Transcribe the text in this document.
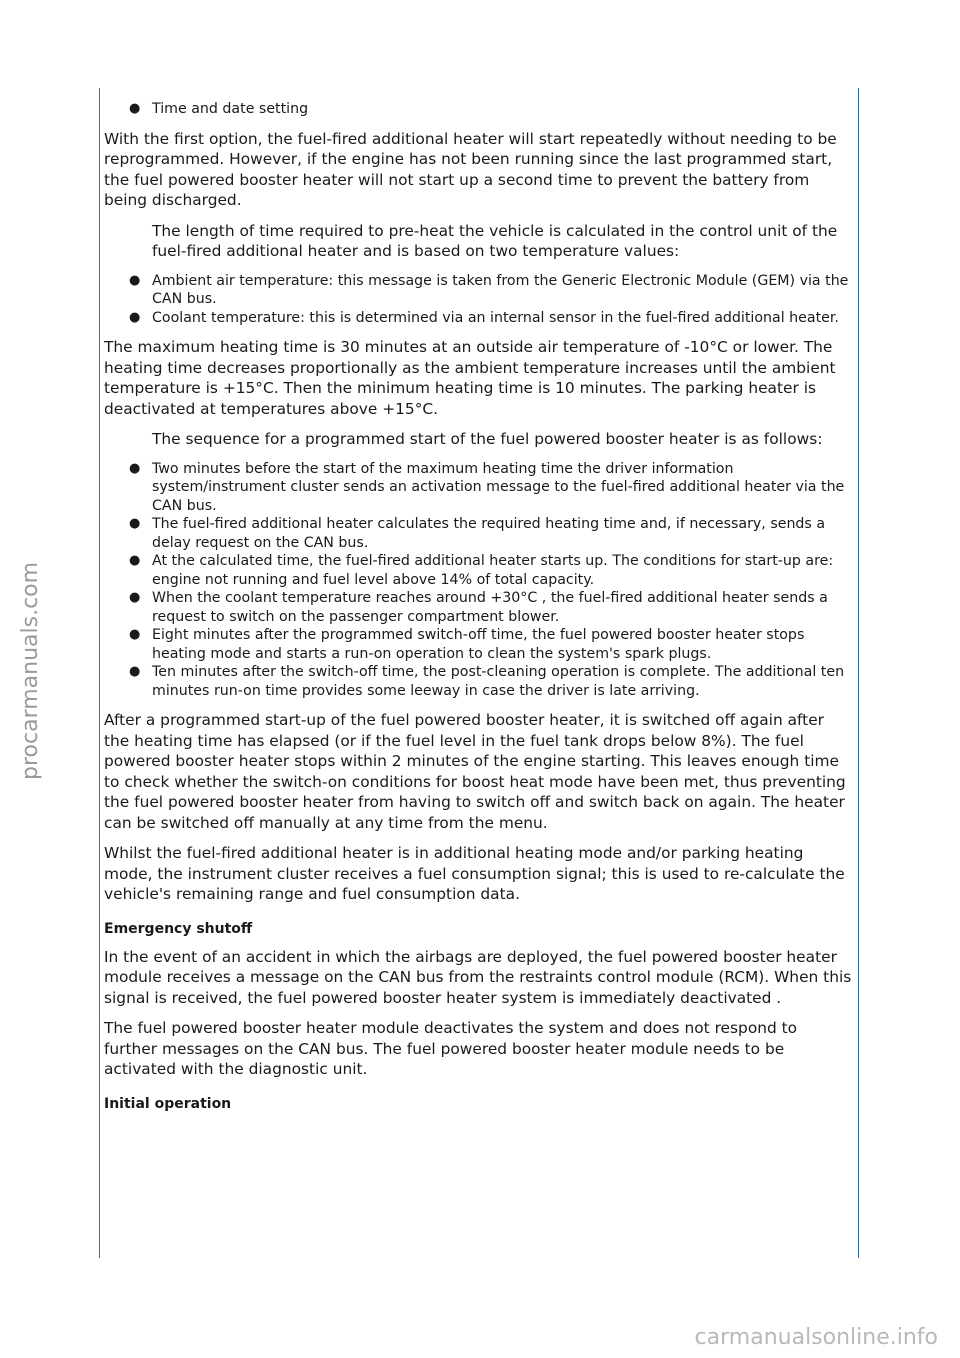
procarmanuals.com
carmanualsonline.info
● Time and date setting

With the first option, the fuel-fired additional heater will start repeatedly without needing to be reprogrammed. However, if the engine has not been running since the last programmed start, the fuel powered booster heater will not start up a second time to prevent the battery from being discharged.

The length of time required to pre-heat the vehicle is calculated in the control unit of the fuel-fired additional heater and is based on two temperature values:

● Ambient air temperature: this message is taken from the Generic Electronic Module (GEM) via the CAN bus.
● Coolant temperature: this is determined via an internal sensor in the fuel-fired additional heater.

The maximum heating time is 30 minutes at an outside air temperature of -10°C or lower. The heating time decreases proportionally as the ambient temperature increases until the ambient temperature is +15°C. Then the minimum heating time is 10 minutes. The parking heater is deactivated at temperatures above +15°C.

The sequence for a programmed start of the fuel powered booster heater is as follows:

● Two minutes before the start of the maximum heating time the driver information system/instrument cluster sends an activation message to the fuel-fired additional heater via the CAN bus.
● The fuel-fired additional heater calculates the required heating time and, if necessary, sends a delay request on the CAN bus.
● At the calculated time, the fuel-fired additional heater starts up. The conditions for start-up are: engine not running and fuel level above 14% of total capacity.
● When the coolant temperature reaches around +30°C , the fuel-fired additional heater sends a request to switch on the passenger compartment blower.
● Eight minutes after the programmed switch-off time, the fuel powered booster heater stops heating mode and starts a run-on operation to clean the system's spark plugs.
● Ten minutes after the switch-off time, the post-cleaning operation is complete. The additional ten minutes run-on time provides some leeway in case the driver is late arriving.

After a programmed start-up of the fuel powered booster heater, it is switched off again after the heating time has elapsed (or if the fuel level in the fuel tank drops below 8%). The fuel powered booster heater stops within 2 minutes of the engine starting. This leaves enough time to check whether the switch-on conditions for boost heat mode have been met, thus preventing the fuel powered booster heater from having to switch off and switch back on again. The heater can be switched off manually at any time from the menu.

Whilst the fuel-fired additional heater is in additional heating mode and/or parking heating mode, the instrument cluster receives a fuel consumption signal; this is used to re-calculate the vehicle's remaining range and fuel consumption data.

Emergency shutoff

In the event of an accident in which the airbags are deployed, the fuel powered booster heater module receives a message on the CAN bus from the restraints control module (RCM). When this signal is received, the fuel powered booster heater system is immediately deactivated .

The fuel powered booster heater module deactivates the system and does not respond to further messages on the CAN bus. The fuel powered booster heater module needs to be activated with the diagnostic unit.

Initial operation
